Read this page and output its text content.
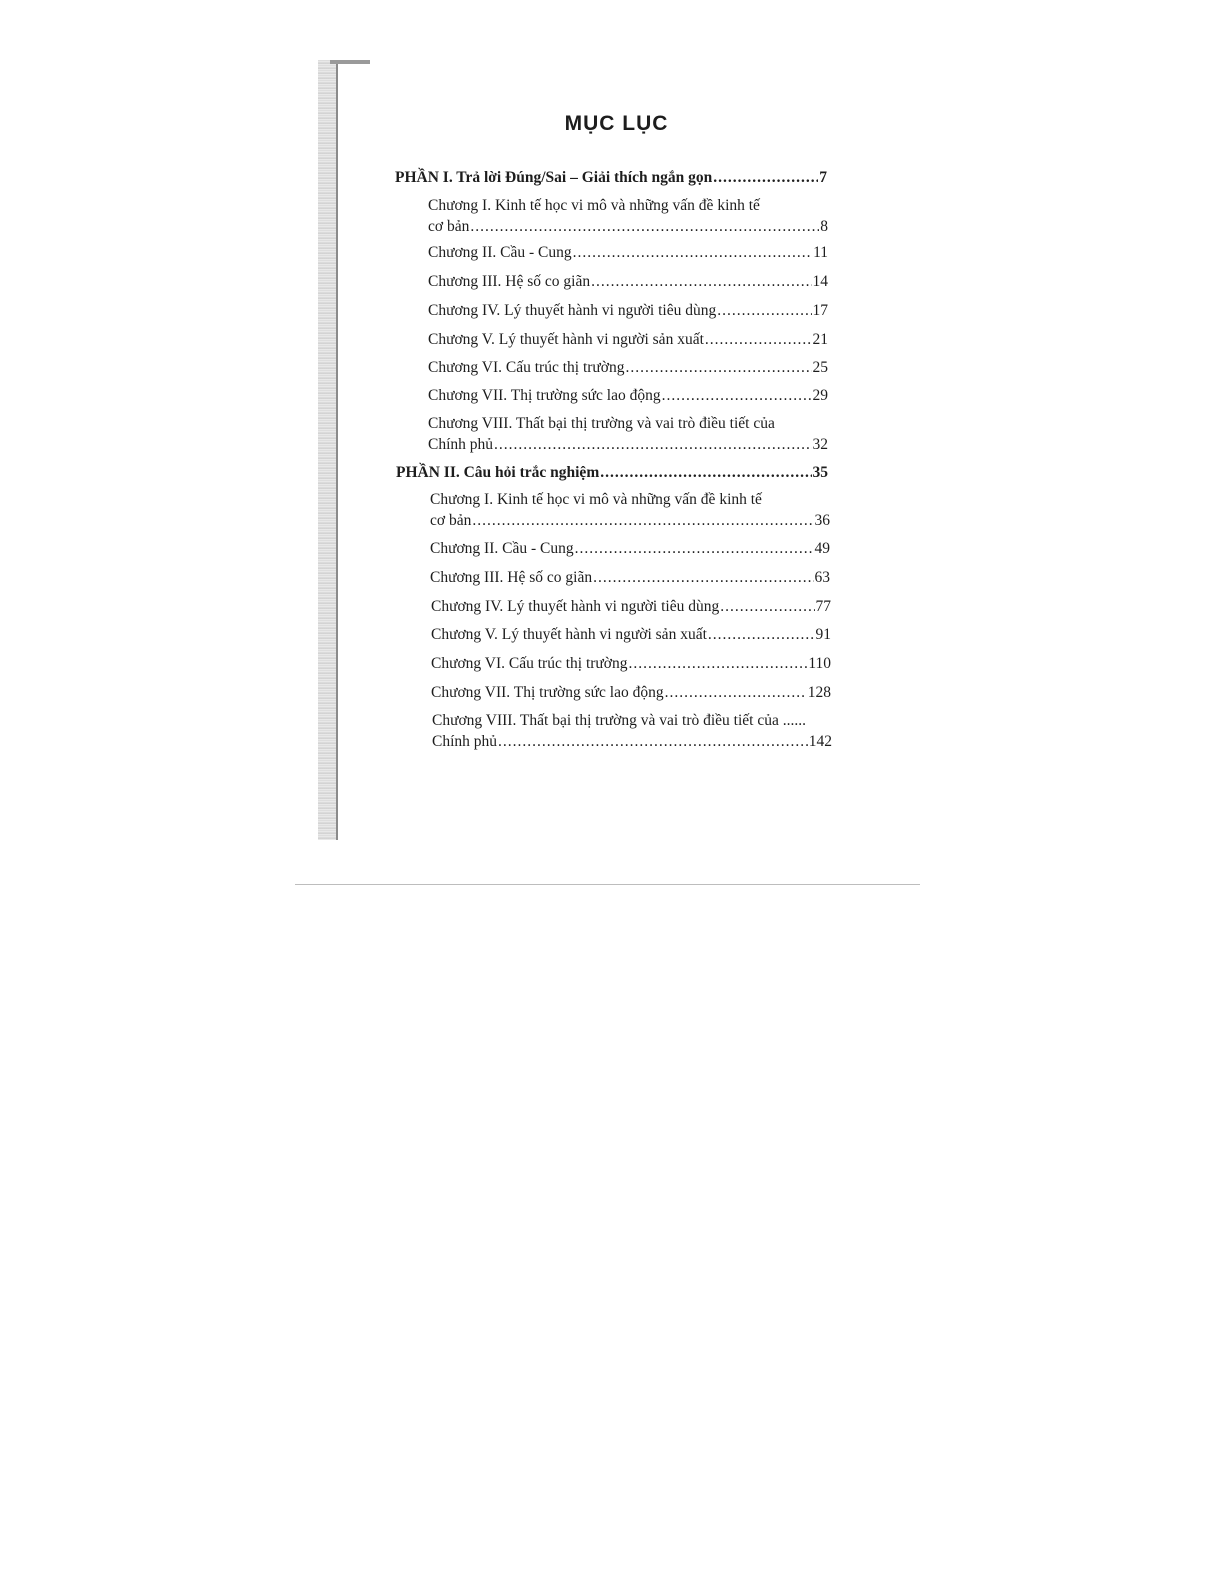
MỤC LỤC
PHẦN I. Trả lời Đúng/Sai – Giải thích ngắn gọn .....	7
Chương I. Kinh tế học vi mô và những vấn đề kinh tế
cơ bản .....	8
Chương II. Cầu - Cung .....	11
Chương III. Hệ số co giãn .....	14
Chương IV. Lý thuyết hành vi người tiêu dùng .....	17
Chương V. Lý thuyết hành vi người sản xuất .....	21
Chương VI. Cấu trúc thị trường .....	25
Chương VII. Thị trường sức lao động .....	29
Chương VIII. Thất bại thị trường và vai trò điều tiết của
Chính phủ .....	32
PHẦN II. Câu hỏi trắc nghiệm .....	35
Chương I. Kinh tế học vi mô và những vấn đề kinh tế
cơ bản .....	36
Chương II. Cầu - Cung .....	49
Chương III. Hệ số co giãn .....	63
Chương IV. Lý thuyết hành vi người tiêu dùng .....	77
Chương V. Lý thuyết hành vi người sản xuất .....	91
Chương VI. Cấu trúc thị trường .....	110
Chương VII. Thị trường sức lao động .....	128
Chương VIII. Thất bại thị trường và vai trò điều tiết của ......
Chính phủ .....	142
